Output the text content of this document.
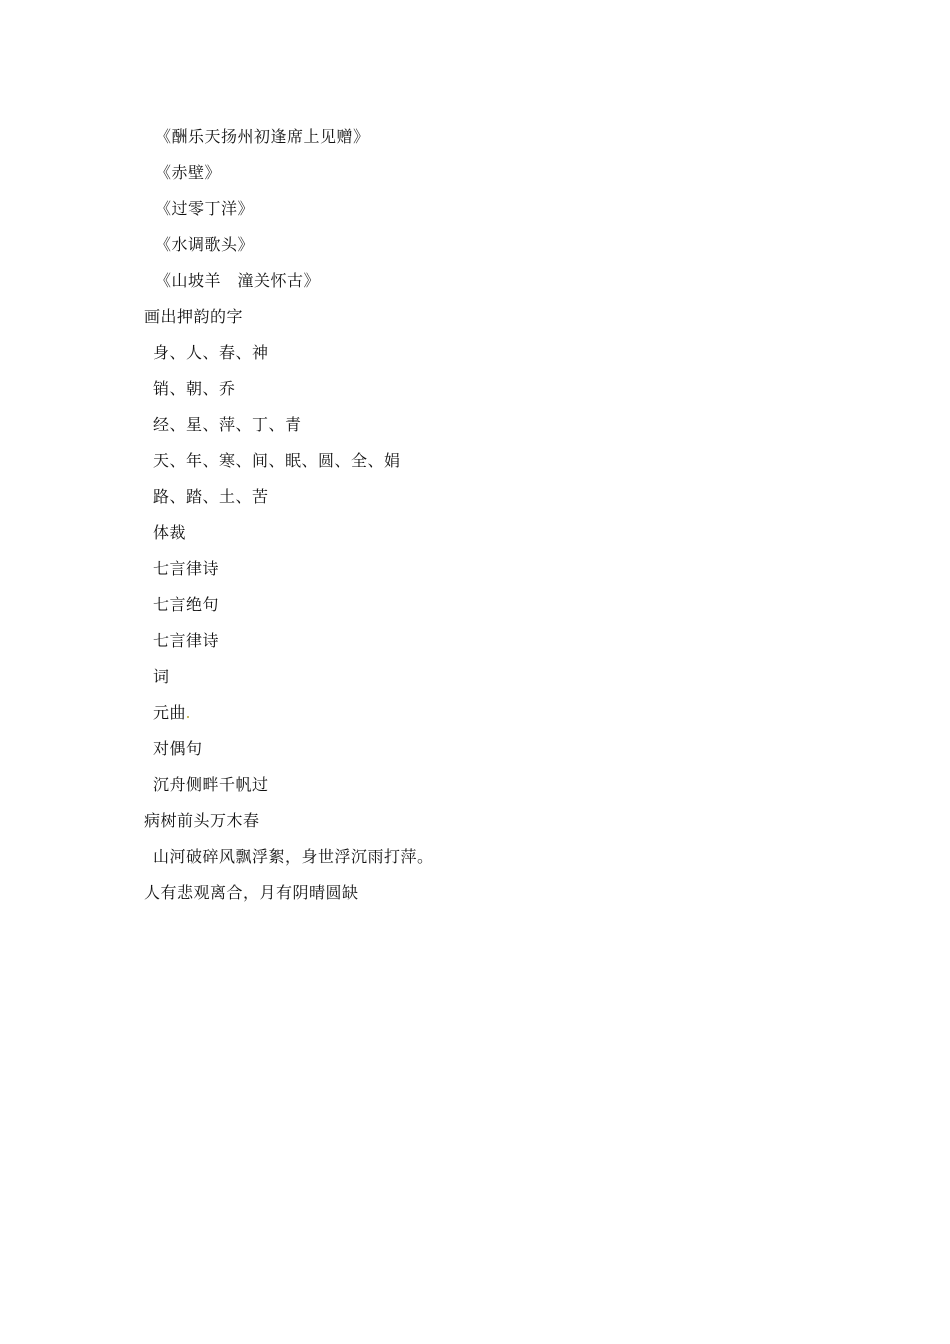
《酬乐天扬州初逢席上见赠》
《赤壁》
《过零丁洋》
《水调歌头》
《山坡羊　潼关怀古》
画出押韵的字
身、人、春、神
销、朝、乔
经、星、萍、丁、青
天、年、寒、间、眠、圆、全、娟
路、踏、土、苦
体裁
七言律诗
七言绝句
七言律诗
词
元曲
对偶句
沉舟侧畔千帆过
病树前头万木春
山河破碎风飘浮絮，身世浮沉雨打萍。
人有悲观离合，月有阴晴圆缺
